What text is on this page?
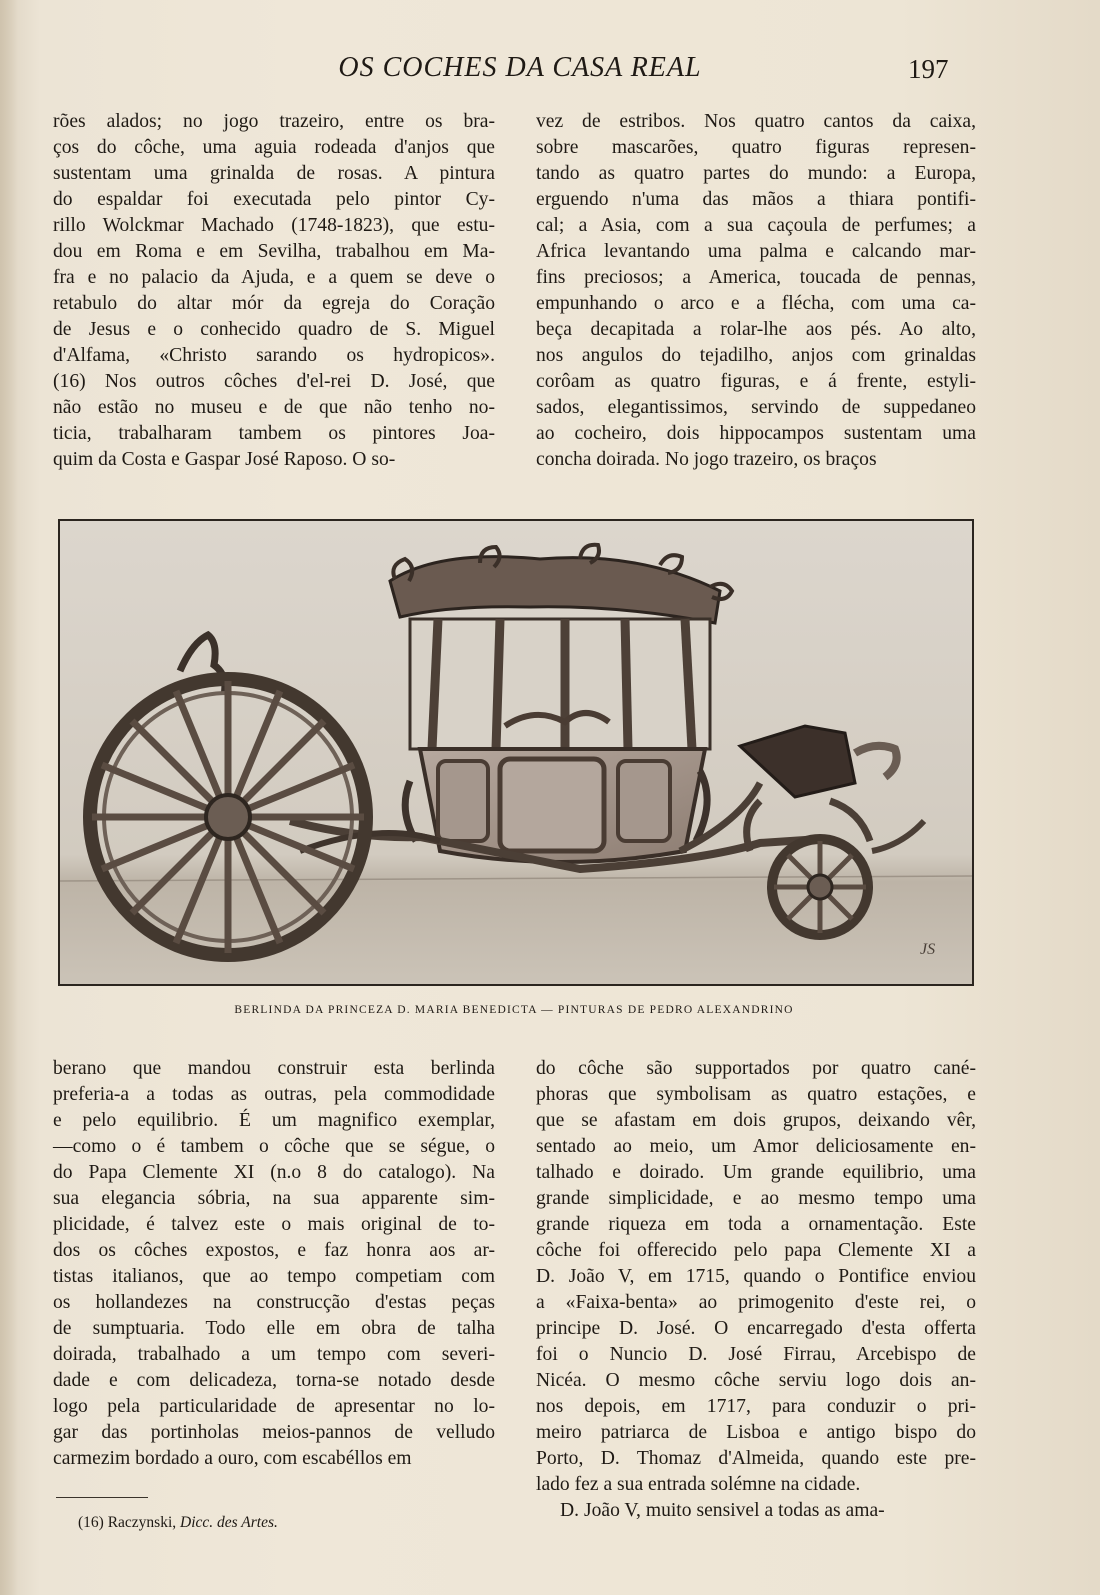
OS COCHES DA CASA REAL	197
rões alados; no jogo trazeiro, entre os bra-
ços do côche, uma aguia rodeada d'anjos que
sustentam uma grinalda de rosas. A pintura
do espaldar foi executada pelo pintor Cy-
rillo Wolckmar Machado (1748-1823), que estu-
dou em Roma e em Sevilha, trabalhou em Ma-
fra e no palacio da Ajuda, e a quem se deve o
retabulo do altar mór da egreja do Coração
de Jesus e o conhecido quadro de S. Miguel
d'Alfama, «Christo sarando os hydropicos».
(16) Nos outros côches d'el-rei D. José, que
não estão no museu e de que não tenho no-
ticia, trabalharam tambem os pintores Joa-
quim da Costa e Gaspar José Raposo. O so-
vez de estribos. Nos quatro cantos da caixa,
sobre mascarões, quatro figuras represen-
tando as quatro partes do mundo: a Europa,
erguendo n'uma das mãos a thiara pontifi-
cal; a Asia, com a sua caçoula de perfumes; a
Africa levantando uma palma e calcando mar-
fins preciosos; a America, toucada de pennas,
empunhando o arco e a flécha, com uma ca-
beça decapitada a rolar-lhe aos pés. Ao alto,
nos angulos do tejadilho, anjos com grinaldas
corôam as quatro figuras, e á frente, estyli-
sados, elegantissimos, servindo de suppedaneo
ao cocheiro, dois hippocampos sustentam uma
concha doirada. No jogo trazeiro, os braços
JS
BERLINDA DA PRINCEZA D. MARIA BENEDICTA — PINTURAS DE PEDRO ALEXANDRINO
berano que mandou construir esta berlinda
preferia-a a todas as outras, pela commodidade
e pelo equilibrio. É um magnifico exemplar,
—como o é tambem o côche que se ségue, o
do Papa Clemente XI (n.o 8 do catalogo). Na
sua elegancia sóbria, na sua apparente sim-
plicidade, é talvez este o mais original de to-
dos os côches expostos, e faz honra aos ar-
tistas italianos, que ao tempo competiam com
os hollandezes na construcção d'estas peças
de sumptuaria. Todo elle em obra de talha
doirada, trabalhado a um tempo com severi-
dade e com delicadeza, torna-se notado desde
logo pela particularidade de apresentar no lo-
gar das portinholas meios-pannos de velludo
carmezim bordado a ouro, com escabéllos em
do côche são supportados por quatro cané-
phoras que symbolisam as quatro estações, e
que se afastam em dois grupos, deixando vêr,
sentado ao meio, um Amor deliciosamente en-
talhado e doirado. Um grande equilibrio, uma
grande simplicidade, e ao mesmo tempo uma
grande riqueza em toda a ornamentação. Este
côche foi offerecido pelo papa Clemente XI a
D. João V, em 1715, quando o Pontifice enviou
a «Faixa-benta» ao primogenito d'este rei, o
principe D. José. O encarregado d'esta offerta
foi o Nuncio D. José Firrau, Arcebispo de
Nicéa. O mesmo côche serviu logo dois an-
nos depois, em 1717, para conduzir o pri-
meiro patriarca de Lisboa e antigo bispo do
Porto, D. Thomaz d'Almeida, quando este pre-
lado fez a sua entrada solémne na cidade.
D. João V, muito sensivel a todas as ama-
(16) Raczynski, Dicc. des Artes.
